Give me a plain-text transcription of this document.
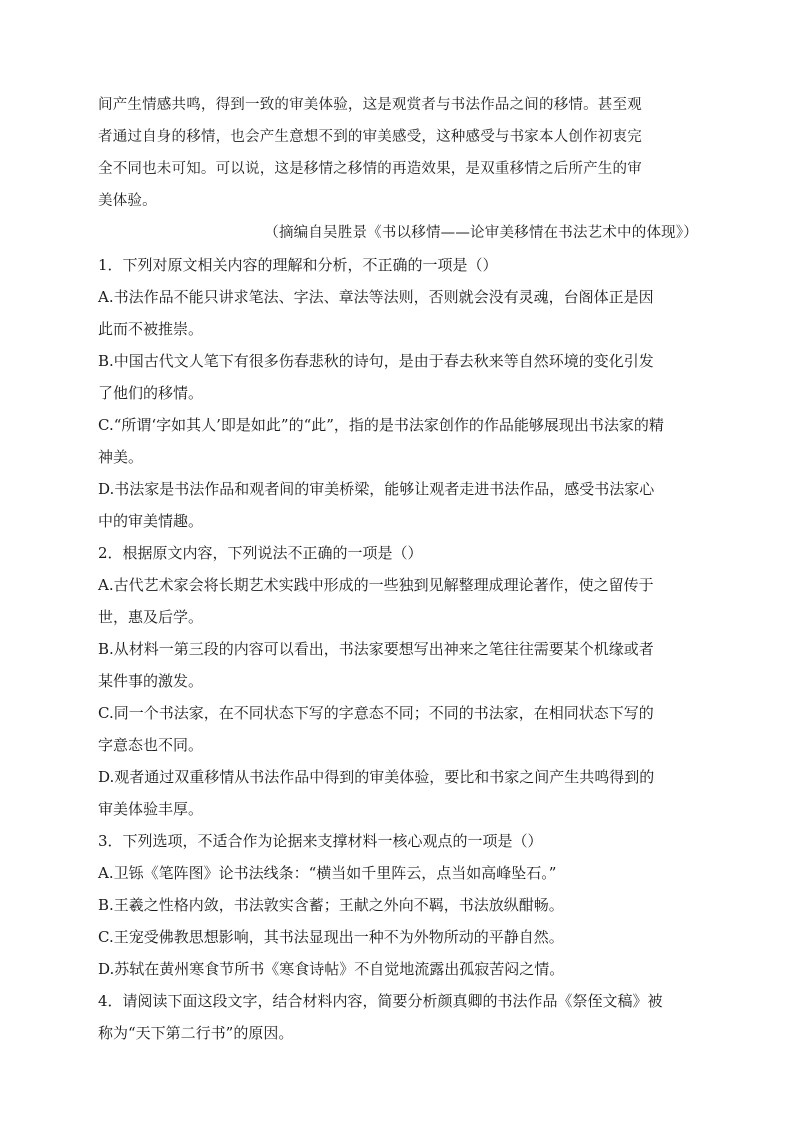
间产生情感共鸣，得到一致的审美体验，这是观赏者与书法作品之间的移情。甚至观
者通过自身的移情，也会产生意想不到的审美感受，这种感受与书家本人创作初衷完
全不同也未可知。可以说，这是移情之移情的再造效果，是双重移情之后所产生的审
美体验。
（摘编自吴胜景《书以移情——论审美移情在书法艺术中的体现》）
1．下列对原文相关内容的理解和分析，不正确的一项是（）
A.书法作品不能只讲求笔法、字法、章法等法则，否则就会没有灵魂，台阁体正是因
此而不被推崇。
B.中国古代文人笔下有很多伤春悲秋的诗句，是由于春去秋来等自然环境的变化引发
了他们的移情。
C.“所谓‘字如其人’即是如此”的“此”，指的是书法家创作的作品能够展现出书法家的精
神美。
D.书法家是书法作品和观者间的审美桥梁，能够让观者走进书法作品，感受书法家心
中的审美情趣。
2．根据原文内容，下列说法不正确的一项是（）
A.古代艺术家会将长期艺术实践中形成的一些独到见解整理成理论著作，使之留传于
世，惠及后学。
B.从材料一第三段的内容可以看出，书法家要想写出神来之笔往往需要某个机缘或者
某件事的激发。
C.同一个书法家，在不同状态下写的字意态不同；不同的书法家，在相同状态下写的
字意态也不同。
D.观者通过双重移情从书法作品中得到的审美体验，要比和书家之间产生共鸣得到的
审美体验丰厚。
3．下列选项，不适合作为论据来支撑材料一核心观点的一项是（）
A.卫铄《笔阵图》论书法线条：“横当如千里阵云，点当如高峰坠石。”
B.王羲之性格内敛，书法敦实含蓄；王献之外向不羁，书法放纵酣畅。
C.王宠受佛教思想影响，其书法显现出一种不为外物所动的平静自然。
D.苏轼在黄州寒食节所书《寒食诗帖》不自觉地流露出孤寂苦闷之情。
4．请阅读下面这段文字，结合材料内容，简要分析颜真卿的书法作品《祭侄文稿》被
称为“天下第二行书”的原因。
